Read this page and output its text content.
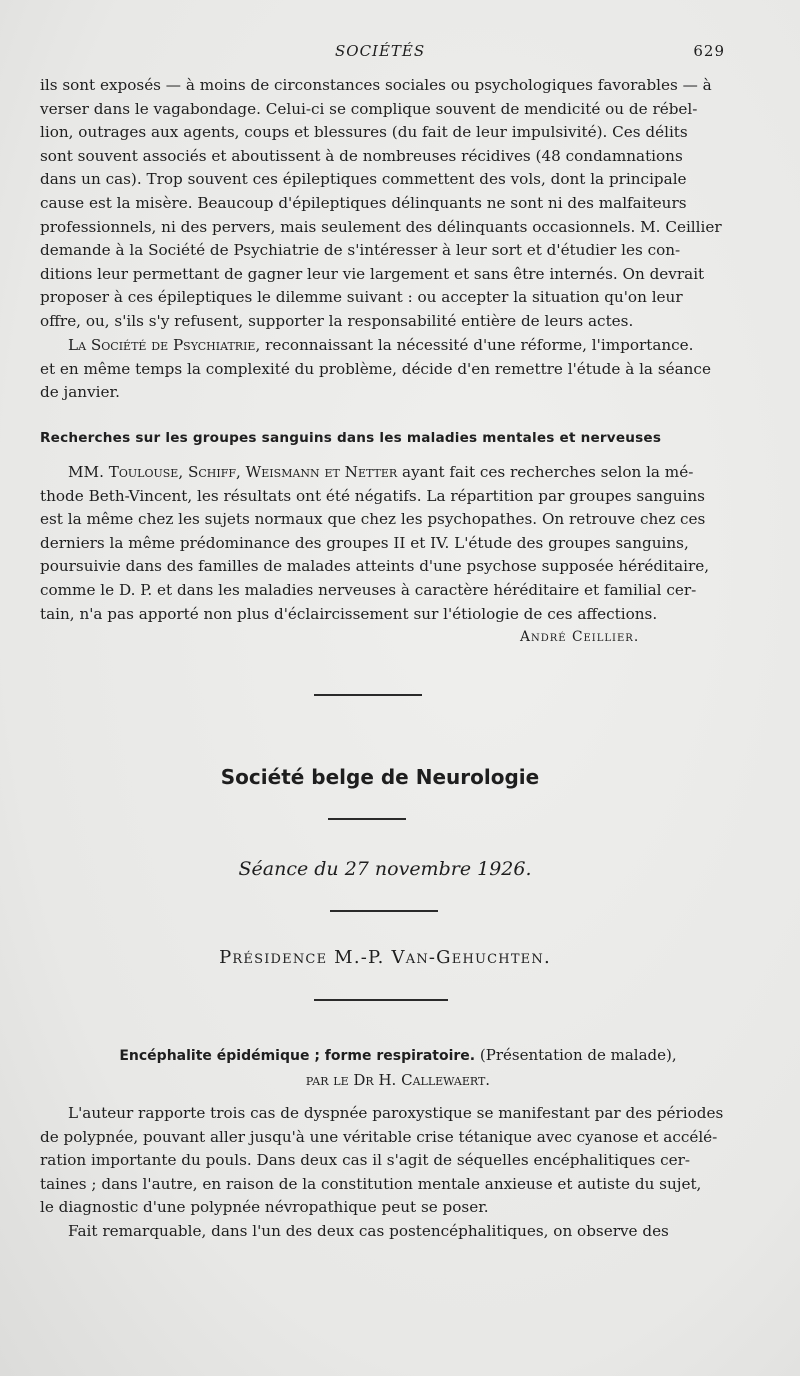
SOCIÉTÉS	629

ils sont exposés — à moins de circonstances sociales ou psychologiques favorables — à

verser dans le vagabondage. Celui-ci se complique souvent de mendicité ou de rébel-

lion, outrages aux agents, coups et blessures (du fait de leur impulsivité). Ces délits

sont souvent associés et aboutissent à de nombreuses récidives (48 condamnations

dans un cas). Trop souvent ces épileptiques commettent des vols, dont la principale

cause est la misère. Beaucoup d'épileptiques délinquants ne sont ni des malfaiteurs

professionnels, ni des pervers, mais seulement des délinquants occasionnels. M. Ceillier

demande à la Société de Psychiatrie de s'intéresser à leur sort et d'étudier les con-

ditions leur permettant de gagner leur vie largement et sans être internés. On devrait

proposer à ces épileptiques le dilemme suivant : ou accepter la situation qu'on leur

offre, ou, s'ils s'y refusent, supporter la responsabilité entière de leurs actes.

La Société de Psychiatrie, reconnaissant la nécessité d'une réforme, l'importance.

et en même temps la complexité du problème, décide d'en remettre l'étude à la séance

de janvier.

Recherches sur les groupes sanguins dans les maladies mentales et nerveuses

MM. Toulouse, Schiff, Weismann et Netter ayant fait ces recherches selon la mé-

thode Beth-Vincent, les résultats ont été négatifs. La répartition par groupes sanguins

est la même chez les sujets normaux que chez les psychopathes. On retrouve chez ces

derniers la même prédominance des groupes II et IV. L'étude des groupes sanguins,

poursuivie dans des familles de malades atteints d'une psychose supposée héréditaire,

comme le D. P. et dans les maladies nerveuses à caractère héréditaire et familial cer-

tain, n'a pas apporté non plus d'éclaircissement sur l'étiologie de ces affections.

André Ceillier.
Société belge de Neurologie
Séance du 27 novembre 1926.
Présidence M.-P. Van-Gehuchten.
Encéphalite épidémique ; forme respiratoire. (Présentation de malade),
par le Dr H. Callewaert.

L'auteur rapporte trois cas de dyspnée paroxystique se manifestant par des périodes

de polypnée, pouvant aller jusqu'à une véritable crise tétanique avec cyanose et accélé-

ration importante du pouls. Dans deux cas il s'agit de séquelles encéphalitiques cer-

taines ; dans l'autre, en raison de la constitution mentale anxieuse et autiste du sujet,

le diagnostic d'une polypnée névropathique peut se poser.

Fait remarquable, dans l'un des deux cas postencéphalitiques, on observe des
